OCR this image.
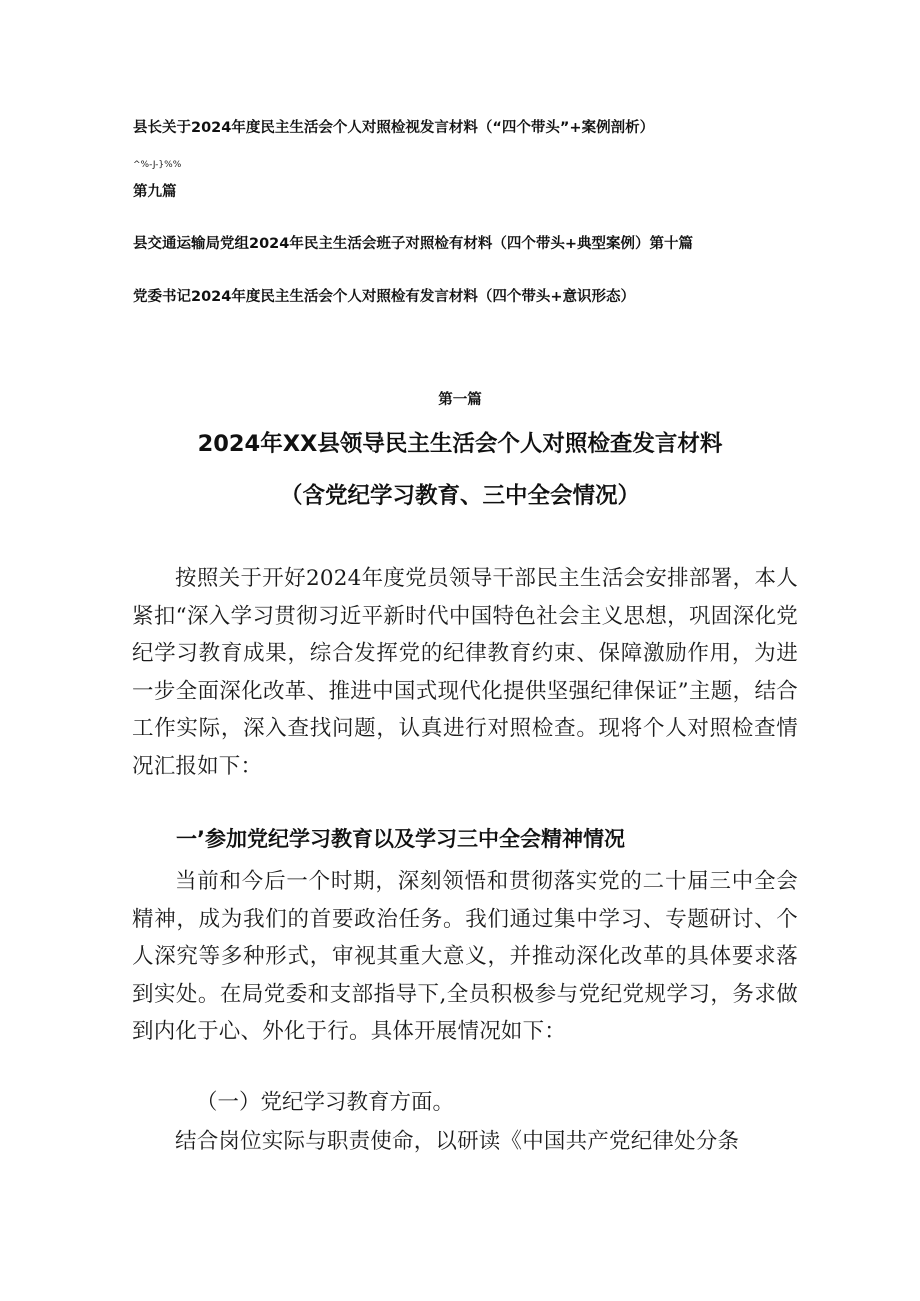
县长关于2024年度民主生活会个人对照检视发言材料（“四个带头”+案例剖析）
^%-J-}%%
第九篇
县交通运输局党组2024年民主生活会班子对照检有材料（四个带头+典型案例）第十篇
党委书记2024年度民主生活会个人对照检有发言材料（四个带头+意识形态）
第一篇
2024年XX县领导民主生活会个人对照检查发言材料
（含党纪学习教育、三中全会情况）

按照关于开好2024年度党员领导干部民主生活会安排部署，本人紧扣“深入学习贯彻习近平新时代中国特色社会主义思想，巩固深化党纪学习教育成果，综合发挥党的纪律教育约束、保障激励作用，为进一步全面深化改革、推进中国式现代化提供坚强纪律保证”主题，结合工作实际，深入查找问题，认真进行对照检查。现将个人对照检查情况汇报如下：

一’参加党纪学习教育以及学习三中全会精神情况

当前和今后一个时期，深刻领悟和贯彻落实党的二十届三中全会精神，成为我们的首要政治任务。我们通过集中学习、专题研讨、个人深究等多种形式，审视其重大意义，并推动深化改革的具体要求落到实处。在局党委和支部指导下,全员积极参与党纪党规学习，务求做到内化于心、外化于行。具体开展情况如下：

（一）党纪学习教育方面。

结合岗位实际与职责使命，以研读《中国共产党纪律处分条
